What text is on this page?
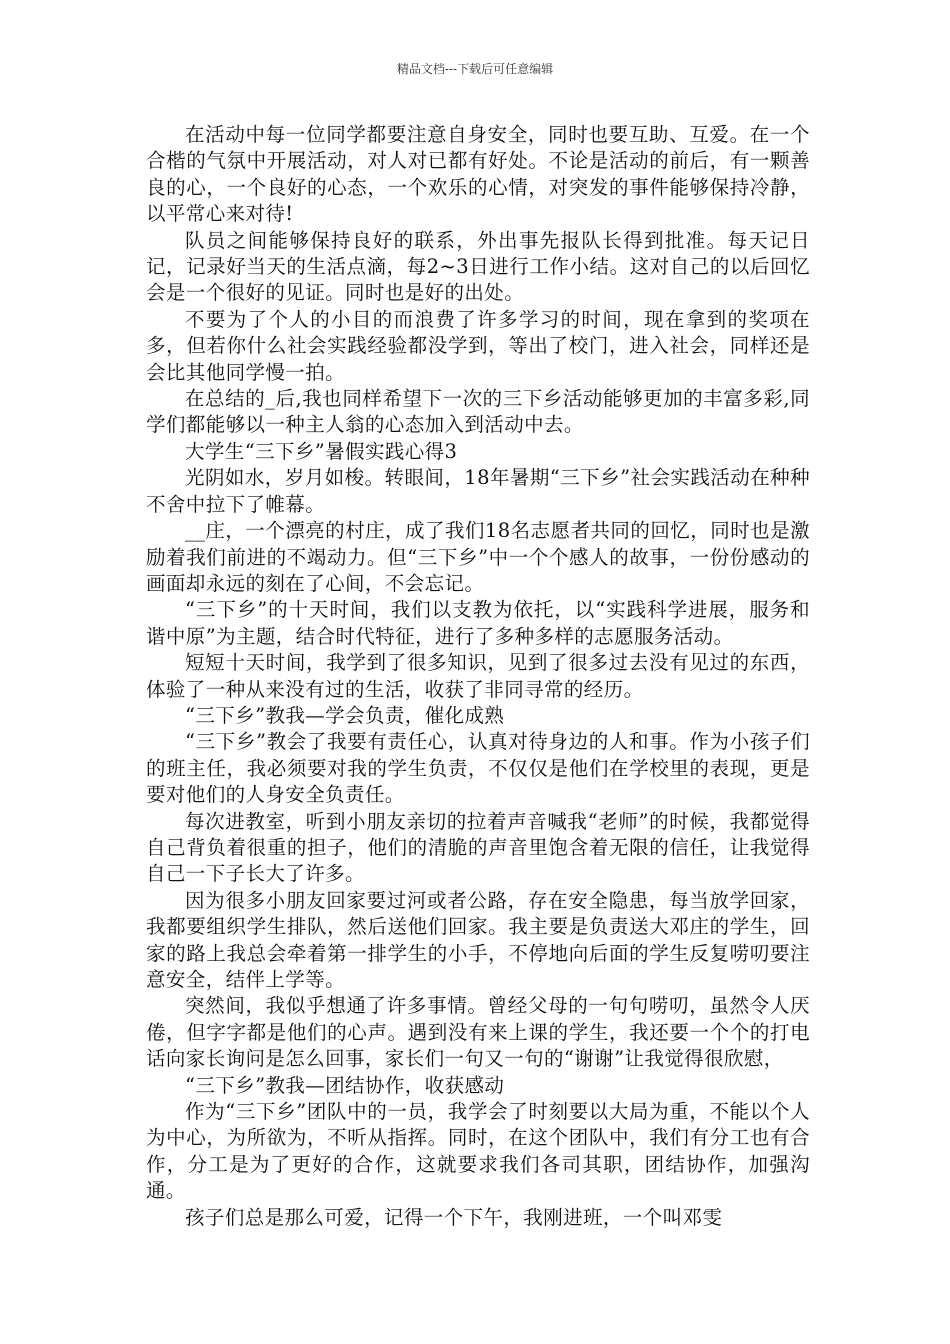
精品文档---下载后可任意编辑

在活动中每一位同学都要注意自身安全，同时也要互助、互爱。在一个合楷的气氛中开展活动，对人对已都有好处。不论是活动的前后，有一颗善良的心，一个良好的心态，一个欢乐的心情，对突发的事件能够保持冷静，以平常心来对待!

队员之间能够保持良好的联系，外出事先报队长得到批准。每天记日记，记录好当天的生活点滴，每2~3日进行工作小结。这对自己的以后回忆会是一个很好的见证。同时也是好的出处。

不要为了个人的小目的而浪费了许多学习的时间，现在拿到的奖项在多，但若你什么社会实践经验都没学到，等出了校门，进入社会，同样还是会比其他同学慢一拍。

在总结的_后,我也同样希望下一次的三下乡活动能够更加的丰富多彩,同学们都能够以一种主人翁的心态加入到活动中去。

大学生“三下乡”暑假实践心得3

光阴如水，岁月如梭。转眼间，18年暑期“三下乡”社会实践活动在种种不舍中拉下了帷幕。

__庄，一个漂亮的村庄，成了我们18名志愿者共同的回忆，同时也是激励着我们前进的不竭动力。但“三下乡”中一个个感人的故事，一份份感动的画面却永远的刻在了心间，不会忘记。

“三下乡”的十天时间，我们以支教为依托，以“实践科学进展，服务和谐中原”为主题，结合时代特征，进行了多种多样的志愿服务活动。

短短十天时间，我学到了很多知识，见到了很多过去没有见过的东西，体验了一种从来没有过的生活，收获了非同寻常的经历。

“三下乡”教我—学会负责，催化成熟

“三下乡”教会了我要有责任心，认真对待身边的人和事。作为小孩子们的班主任，我必须要对我的学生负责，不仅仅是他们在学校里的表现，更是要对他们的人身安全负责任。

每次进教室，听到小朋友亲切的拉着声音喊我“老师”的时候，我都觉得自己背负着很重的担子，他们的清脆的声音里饱含着无限的信任，让我觉得自己一下子长大了许多。

因为很多小朋友回家要过河或者公路，存在安全隐患，每当放学回家，我都要组织学生排队，然后送他们回家。我主要是负责送大邓庄的学生，回家的路上我总会牵着第一排学生的小手，不停地向后面的学生反复唠叨要注意安全，结伴上学等。

突然间，我似乎想通了许多事情。曾经父母的一句句唠叨，虽然令人厌倦，但字字都是他们的心声。遇到没有来上课的学生，我还要一个个的打电话向家长询问是怎么回事，家长们一句又一句的“谢谢”让我觉得很欣慰，

“三下乡”教我—团结协作，收获感动

作为“三下乡”团队中的一员，我学会了时刻要以大局为重，不能以个人为中心，为所欲为，不听从指挥。同时，在这个团队中，我们有分工也有合作，分工是为了更好的合作，这就要求我们各司其职，团结协作，加强沟通。

孩子们总是那么可爱，记得一个下午，我刚进班，一个叫邓雯
